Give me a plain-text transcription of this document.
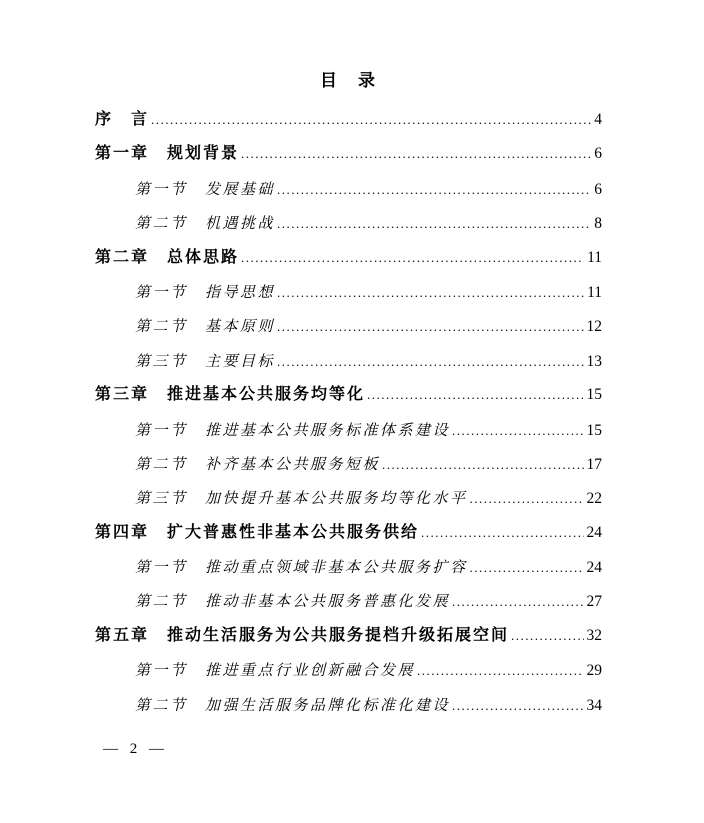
目　录
序　言 .....	4
第一章　规划背景 .....	6
第一节　发展基础 .....	6
第二节　机遇挑战 .....	8
第二章　总体思路 .....	11
第一节　指导思想 .....	11
第二节　基本原则 .....	12
第三节　主要目标 .....	13
第三章　推进基本公共服务均等化 .....	15
第一节　推进基本公共服务标准体系建设 .....	15
第二节　补齐基本公共服务短板 .....	17
第三节　加快提升基本公共服务均等化水平 .....	22
第四章　扩大普惠性非基本公共服务供给 .....	24
第一节　推动重点领域非基本公共服务扩容 .....	24
第二节　推动非基本公共服务普惠化发展 .....	27
第五章　推动生活服务为公共服务提档升级拓展空间 .....	32
第一节　推进重点行业创新融合发展 .....	29
第二节　加强生活服务品牌化标准化建设 .....	34
— 2 —
